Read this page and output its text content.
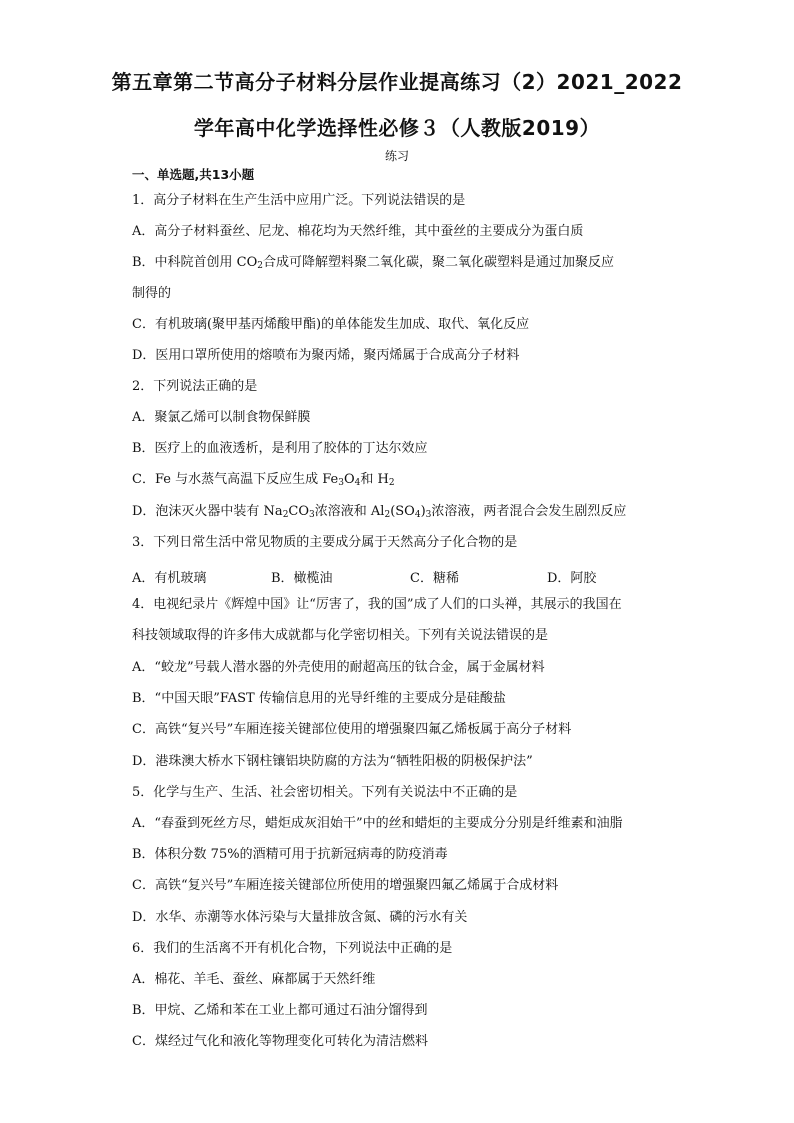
第五章第二节高分子材料分层作业提高练习（2）2021_2022
学年高中化学选择性必修３（人教版2019）
练习
一、单选题,共13小题
1．高分子材料在生产生活中应用广泛。下列说法错误的是
A．高分子材料蚕丝、尼龙、棉花均为天然纤维，其中蚕丝的主要成分为蛋白质
B．中科院首创用 $CO_2$合成可降解塑料聚二氧化碳，聚二氧化碳塑料是通过加聚反应
制得的
C．有机玻璃(聚甲基丙烯酸甲酯)的单体能发生加成、取代、氧化反应
D．医用口罩所使用的熔喷布为聚丙烯，聚丙烯属于合成高分子材料
2．下列说法正确的是
A．聚氯乙烯可以制食物保鲜膜
B．医疗上的血液透析，是利用了胶体的丁达尔效应
C．Fe 与水蒸气高温下反应生成 $Fe_3O_4$和 $H_2$
D．泡沫灭火器中装有 $Na_2CO_3$浓溶液和 $Al_2(SO_4)_3$浓溶液，两者混合会发生剧烈反应
3．下列日常生活中常见物质的主要成分属于天然高分子化合物的是
A．有机玻璃	B．橄榄油	C．糖稀	D．阿胶
4．电视纪录片《辉煌中国》让“厉害了，我的国”成了人们的口头禅，其展示的我国在
科技领域取得的许多伟大成就都与化学密切相关。下列有关说法错误的是
A．“蛟龙”号载人潜水器的外壳使用的耐超高压的钛合金，属于金属材料
B．“中国天眼”FAST 传输信息用的光导纤维的主要成分是硅酸盐
C．高铁“复兴号”车厢连接关键部位使用的增强聚四氟乙烯板属于高分子材料
D．港珠澳大桥水下钢柱镶铝块防腐的方法为“牺牲阳极的阴极保护法”
5．化学与生产、生活、社会密切相关。下列有关说法中不正确的是
A．“春蚕到死丝方尽，蜡炬成灰泪始干”中的丝和蜡炬的主要成分分别是纤维素和油脂
B．体积分数 75%的酒精可用于抗新冠病毒的防疫消毒
C．高铁“复兴号”车厢连接关键部位所使用的增强聚四氟乙烯属于合成材料
D．水华、赤潮等水体污染与大量排放含氮、磷的污水有关
6．我们的生活离不开有机化合物，下列说法中正确的是
A．棉花、羊毛、蚕丝、麻都属于天然纤维
B．甲烷、乙烯和苯在工业上都可通过石油分馏得到
C．煤经过气化和液化等物理变化可转化为清洁燃料
